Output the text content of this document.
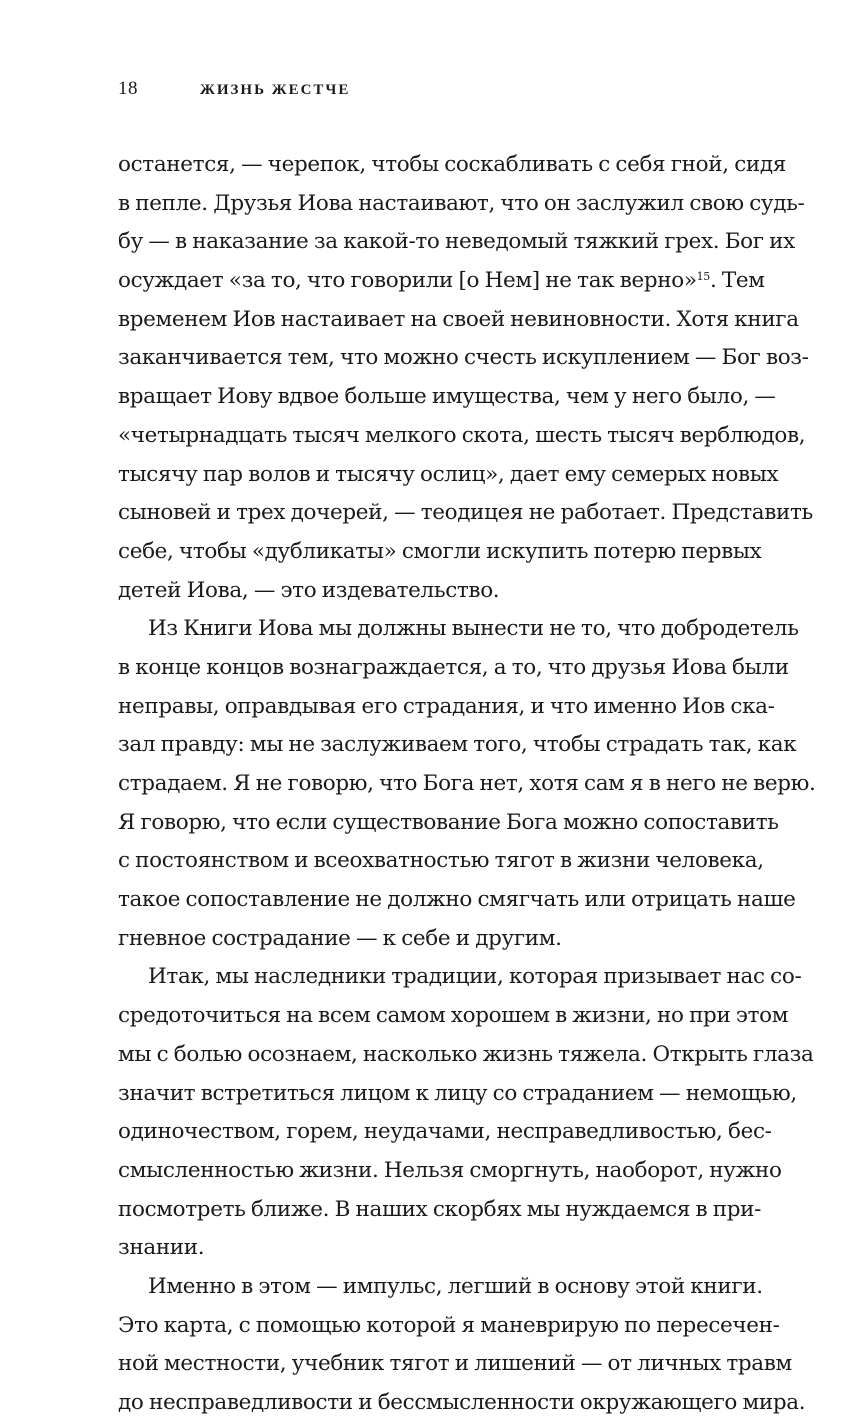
18	ЖИЗНЬ ЖЕСТЧЕ
останется, — черепок, чтобы соскабливать с себя гной, сидя
в пепле. Друзья Иова настаивают, что он заслужил свою судь-
бу — в наказание за какой-то неведомый тяжкий грех. Бог их
осуждает «за то, что говорили [о Нем] не так верно»$^{15}$. Тем
временем Иов настаивает на своей невиновности. Хотя книга
заканчивается тем, что можно счесть искуплением — Бог воз-
вращает Иову вдвое больше имущества, чем у него было, —
«четырнадцать тысяч мелкого скота, шесть тысяч верблюдов,
тысячу пар волов и тысячу ослиц», дает ему семерых новых
сыновей и трех дочерей, — теодицея не работает. Представить
себе, чтобы «дубликаты» смогли искупить потерю первых
детей Иова, — это издевательство.
Из Книги Иова мы должны вынести не то, что добродетель
в конце концов вознаграждается, а то, что друзья Иова были
неправы, оправдывая его страдания, и что именно Иов ска-
зал правду: мы не заслуживаем того, чтобы страдать так, как
страдаем. Я не говорю, что Бога нет, хотя сам я в него не верю.
Я говорю, что если существование Бога можно сопоставить
с постоянством и всеохватностью тягот в жизни человека,
такое сопоставление не должно смягчать или отрицать наше
гневное сострадание — к себе и другим.
Итак, мы наследники традиции, которая призывает нас со-
средоточиться на всем самом хорошем в жизни, но при этом
мы с болью осознаем, насколько жизнь тяжела. Открыть глаза
значит встретиться лицом к лицу со страданием — немощью,
одиночеством, горем, неудачами, несправедливостью, бес-
смысленностью жизни. Нельзя сморгнуть, наоборот, нужно
посмотреть ближе. В наших скорбях мы нуждаемся в при-
знании.
Именно в этом — импульс, легший в основу этой книги.
Это карта, с помощью которой я маневрирую по пересечен-
ной местности, учебник тягот и лишений — от личных травм
до несправедливости и бессмысленности окружающего мира.
